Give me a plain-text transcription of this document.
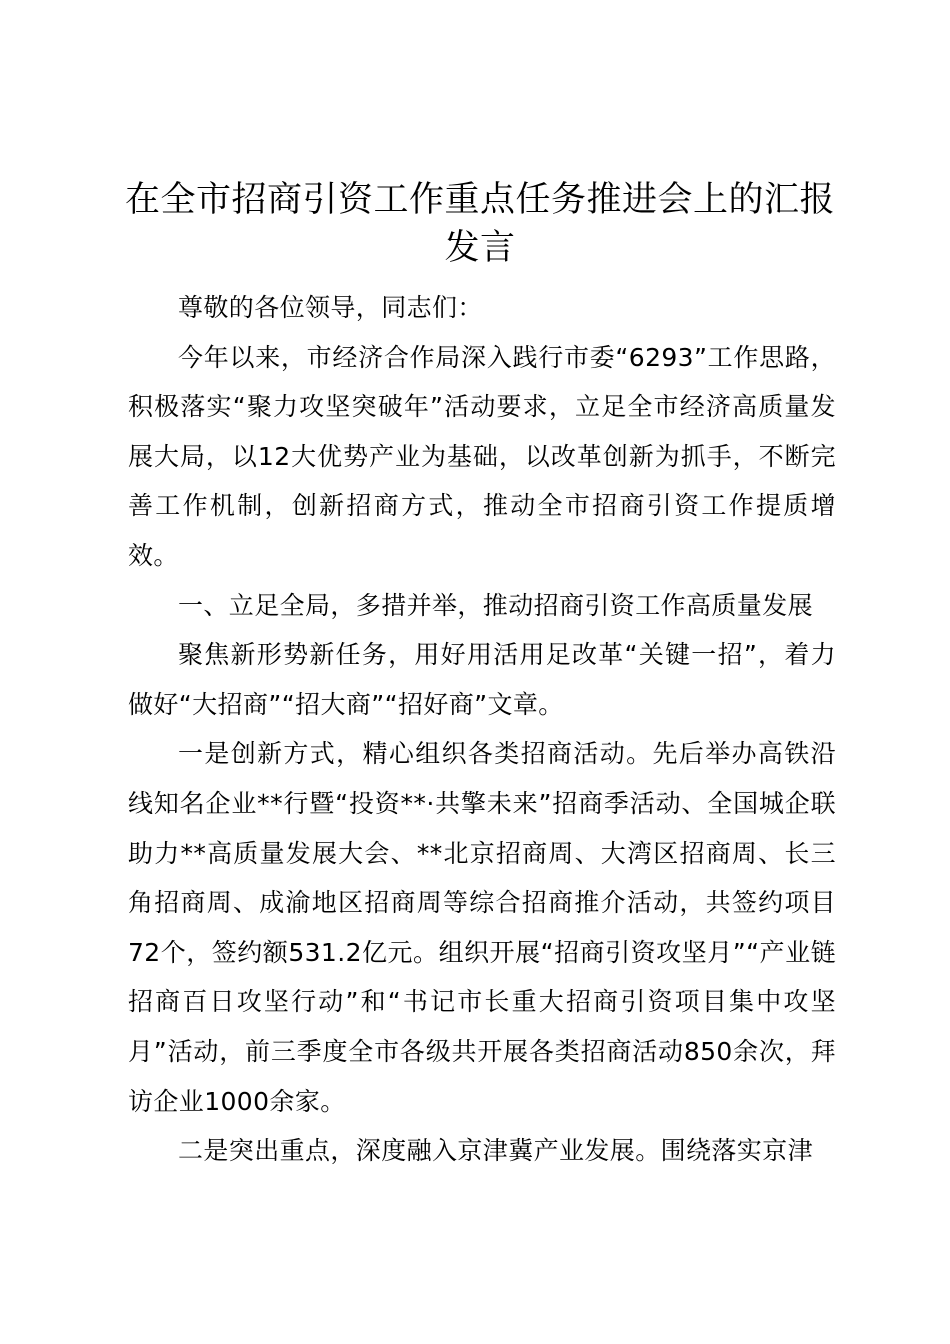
在全市招商引资工作重点任务推进会上的汇报发言

尊敬的各位领导，同志们：

今年以来，市经济合作局深入践行市委“6293”工作思路，积极落实“聚力攻坚突破年”活动要求，立足全市经济高质量发展大局，以12大优势产业为基础，以改革创新为抓手，不断完善工作机制，创新招商方式，推动全市招商引资工作提质增效。

一、立足全局，多措并举，推动招商引资工作高质量发展

聚焦新形势新任务，用好用活用足改革“关键一招”，着力做好“大招商”“招大商”“招好商”文章。

一是创新方式，精心组织各类招商活动。先后举办高铁沿线知名企业**行暨“投资**·共擎未来”招商季活动、全国城企联助力**高质量发展大会、**北京招商周、大湾区招商周、长三角招商周、成渝地区招商周等综合招商推介活动，共签约项目72个，签约额531.2亿元。组织开展“招商引资攻坚月”“产业链招商百日攻坚行动”和“书记市长重大招商引资项目集中攻坚月”活动，前三季度全市各级共开展各类招商活动850余次，拜访企业1000余家。

二是突出重点，深度融入京津冀产业发展。围绕落实京津
